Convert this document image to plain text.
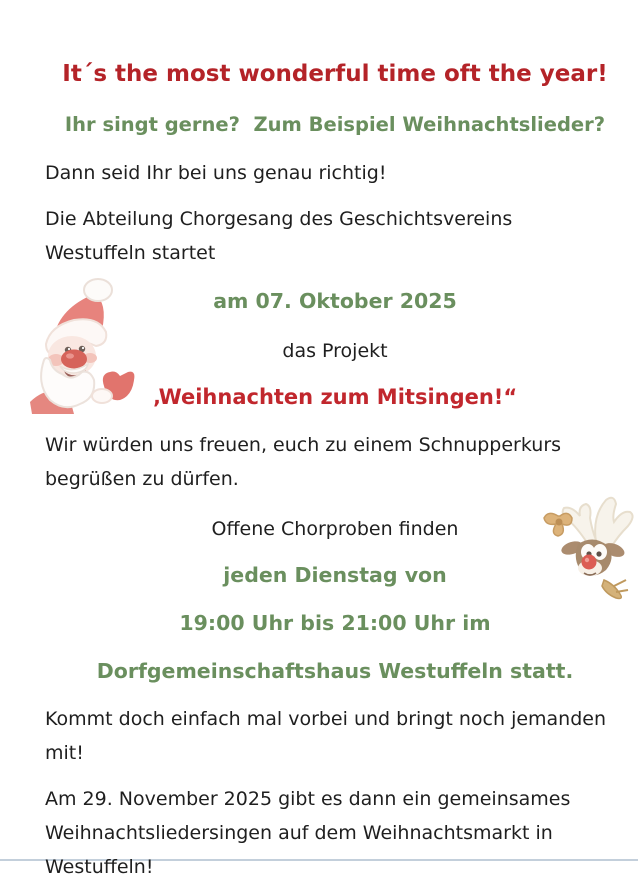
It´s the most wonderful time oft the year!

Ihr singt gerne?  Zum Beispiel Weihnachtslieder?

Dann seid Ihr bei uns genau richtig!

Die Abteilung Chorgesang des Geschichtsvereins Westuffeln startet

am 07. Oktober 2025

das Projekt

‚Weihnachten zum Mitsingen!“

Wir würden uns freuen, euch zu einem Schnupperkurs begrüßen zu dürfen.

Offene Chorproben finden

jeden Dienstag von

19:00 Uhr bis 21:00 Uhr im

Dorfgemeinschaftshaus Westuffeln statt.

Kommt doch einfach mal vorbei und bringt noch jemanden mit!

Am 29. November 2025 gibt es dann ein gemeinsames Weihnachtsliedersingen auf dem Weihnachtsmarkt in Westuffeln!
